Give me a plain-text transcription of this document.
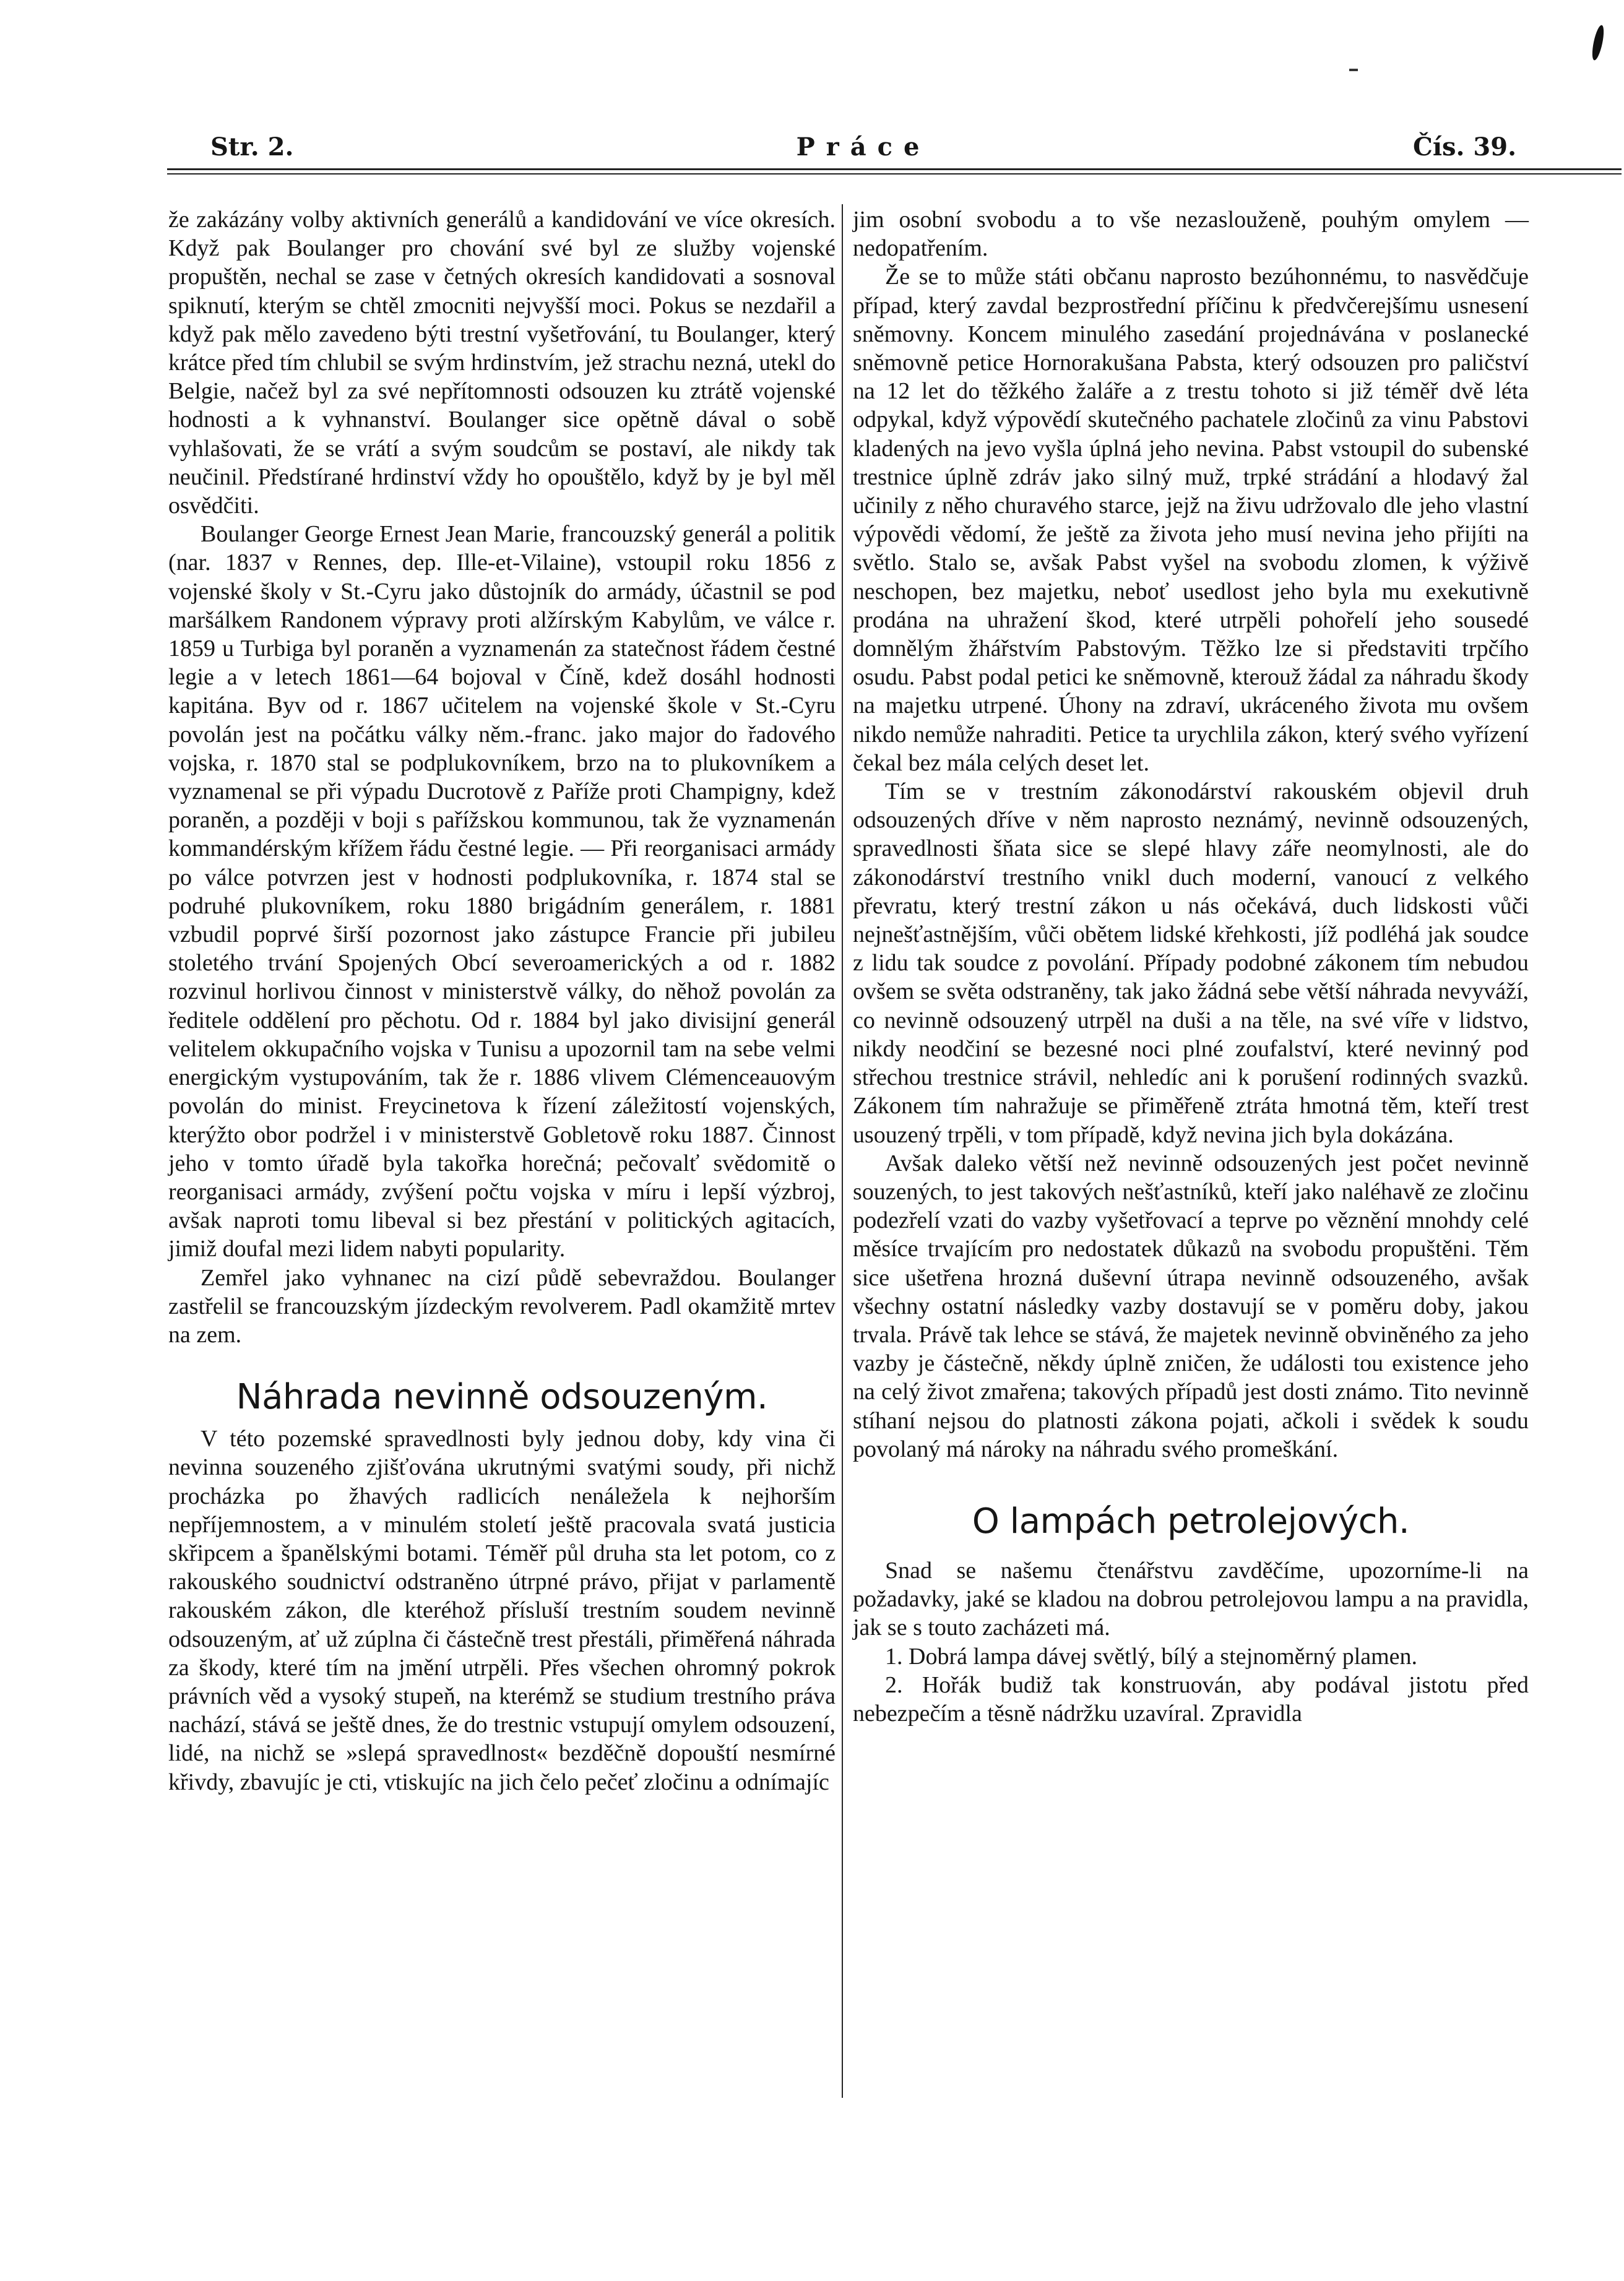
Str. 2.	Práce	Čís. 39.

že zakázány volby aktivních generálů a kandidování ve více okresích. Když pak Boulanger pro chování své byl ze služby vojenské propuštěn, nechal se zase v četných okresích kandidovati a sosnoval spiknutí, kterým se chtěl zmocniti nejvyšší moci. Pokus se nezdařil a když pak mělo zavedeno býti trestní vyšetřování, tu Boulanger, který krátce před tím chlubil se svým hrdinstvím, jež strachu nezná, utekl do Belgie, načež byl za své nepřítomnosti odsouzen ku ztrátě vojenské hodnosti a k vyhnanství. Boulanger sice opětně dával o sobě vyhlašovati, že se vrátí a svým soudcům se postaví, ale nikdy tak neučinil. Předstírané hrdinství vždy ho opouštělo, když by je byl měl osvědčiti.

Boulanger George Ernest Jean Marie, francouzský generál a politik (nar. 1837 v Rennes, dep. Ille-et-Vilaine), vstoupil roku 1856 z vojenské školy v St.-Cyru jako důstojník do armády, účastnil se pod maršálkem Randonem výpravy proti alžírským Kabylům, ve válce r. 1859 u Turbiga byl poraněn a vyznamenán za statečnost řádem čestné legie a v letech 1861—64 bojoval v Číně, kdež dosáhl hodnosti kapitána. Byv od r. 1867 učitelem na vojenské škole v St.-Cyru povolán jest na počátku války něm.-franc. jako major do řadového vojska, r. 1870 stal se podplukovníkem, brzo na to plukovníkem a vyznamenal se při výpadu Ducrotově z Paříže proti Champigny, kdež poraněn, a později v boji s pařížskou kommunou, tak že vyznamenán kommandérským křížem řádu čestné legie. — Při reorganisaci armády po válce potvrzen jest v hodnosti podplukovníka, r. 1874 stal se podruhé plukovníkem, roku 1880 brigádním generálem, r. 1881 vzbudil poprvé širší pozornost jako zástupce Francie při jubileu stoletého trvání Spojených Obcí severoamerických a od r. 1882 rozvinul horlivou činnost v ministerstvě války, do něhož povolán za ředitele oddělení pro pěchotu. Od r. 1884 byl jako divisijní generál velitelem okkupačního vojska v Tunisu a upozornil tam na sebe velmi energickým vystupováním, tak že r. 1886 vlivem Clémenceauovým povolán do minist. Freycinetova k řízení záležitostí vojenských, kterýžto obor podržel i v ministerstvě Gobletově roku 1887. Činnost jeho v tomto úřadě byla takořka horečná; pečovalť svědomitě o reorganisaci armády, zvýšení počtu vojska v míru i lepší výzbroj, avšak naproti tomu libeval si bez přestání v politických agitacích, jimiž doufal mezi lidem nabyti popularity.

Zemřel jako vyhnanec na cizí půdě sebevraždou. Boulanger zastřelil se francouzským jízdeckým revolverem. Padl okamžitě mrtev na zem.

Náhrada nevinně odsouzeným.

V této pozemské spravedlnosti byly jednou doby, kdy vina či nevinna souzeného zjišťována ukrutnými svatými soudy, při nichž procházka po žhavých radlicích nenáležela k nejhorším nepříjemnostem, a v minulém století ještě pracovala svatá justicia skřipcem a španělskými botami. Téměř půl druha sta let potom, co z rakouského soudnictví odstraněno útrpné právo, přijat v parlamentě rakouském zákon, dle kteréhož přísluší trestním soudem nevinně odsouzeným, ať už zúplna či částečně trest přestáli, přiměřená náhrada za škody, které tím na jmění utrpěli. Přes všechen ohromný pokrok právních věd a vysoký stupeň, na kterémž se studium trestního práva nachází, stává se ještě dnes, že do trestnic vstupují omylem odsouzení, lidé, na nichž se »slepá spravedlnost« bezděčně dopouští nesmírné křivdy, zbavujíc je cti, vtiskujíc na jich čelo pečeť zločinu a odnímajíc

jim osobní svobodu a to vše nezaslouženě, pouhým omylem — nedopatřením.

Že se to může státi občanu naprosto bezúhonnému, to nasvědčuje případ, který zavdal bezprostřední příčinu k předvčerejšímu usnesení sněmovny. Koncem minulého zasedání projednávána v poslanecké sněmovně petice Hornorakušana Pabsta, který odsouzen pro paličství na 12 let do těžkého žaláře a z trestu tohoto si již téměř dvě léta odpykal, když výpovědí skutečného pachatele zločinů za vinu Pabstovi kladených na jevo vyšla úplná jeho nevina. Pabst vstoupil do subenské trestnice úplně zdráv jako silný muž, trpké strádání a hlodavý žal učinily z něho churavého starce, jejž na živu udržovalo dle jeho vlastní výpovědi vědomí, že ještě za života jeho musí nevina jeho přijíti na světlo. Stalo se, avšak Pabst vyšel na svobodu zlomen, k výživě neschopen, bez majetku, neboť usedlost jeho byla mu exekutivně prodána na uhražení škod, které utrpěli pohořelí jeho sousedé domnělým žhářstvím Pabstovým. Těžko lze si představiti trpčího osudu. Pabst podal petici ke sněmovně, kterouž žádal za náhradu škody na majetku utrpené. Úhony na zdraví, ukráceného života mu ovšem nikdo nemůže nahraditi. Petice ta urychlila zákon, který svého vyřízení čekal bez mála celých deset let.

Tím se v trestním zákonodárství rakouském objevil druh odsouzených dříve v něm naprosto neznámý, nevinně odsouzených, spravedlnosti šňata sice se slepé hlavy záře neomylnosti, ale do zákonodárství trestního vnikl duch moderní, vanoucí z velkého převratu, který trestní zákon u nás očekává, duch lidskosti vůči nejnešťastnějším, vůči obětem lidské křehkosti, jíž podléhá jak soudce z lidu tak soudce z povolání. Případy podobné zákonem tím nebudou ovšem se světa odstraněny, tak jako žádná sebe větší náhrada nevyváží, co nevinně odsouzený utrpěl na duši a na těle, na své víře v lidstvo, nikdy neodčiní se bezesné noci plné zoufalství, které nevinný pod střechou trestnice strávil, nehledíc ani k porušení rodinných svazků. Zákonem tím nahražuje se přiměřeně ztráta hmotná těm, kteří trest usouzený trpěli, v tom případě, když nevina jich byla dokázána.

Avšak daleko větší než nevinně odsouzených jest počet nevinně souzených, to jest takových nešťastníků, kteří jako naléhavě ze zločinu podezřelí vzati do vazby vyšetřovací a teprve po věznění mnohdy celé měsíce trvajícím pro nedostatek důkazů na svobodu propuštěni. Těm sice ušetřena hrozná duševní útrapa nevinně odsouzeného, avšak všechny ostatní následky vazby dostavují se v poměru doby, jakou trvala. Právě tak lehce se stává, že majetek nevinně obviněného za jeho vazby je částečně, někdy úplně zničen, že události tou existence jeho na celý život zmařena; takových případů jest dosti známo. Tito nevinně stíhaní nejsou do platnosti zákona pojati, ačkoli i svědek k soudu povolaný má nároky na náhradu svého promeškání.

O lampách petrolejových.

Snad se našemu čtenářstvu zavděčíme, upozorníme-li na požadavky, jaké se kladou na dobrou petrolejovou lampu a na pravidla, jak se s touto zacházeti má.

1. Dobrá lampa dávej světlý, bílý a stejnoměrný plamen.

2. Hořák budiž tak konstruován, aby podával jistotu před nebezpečím a těsně nádržku uzavíral. Zpravidla
